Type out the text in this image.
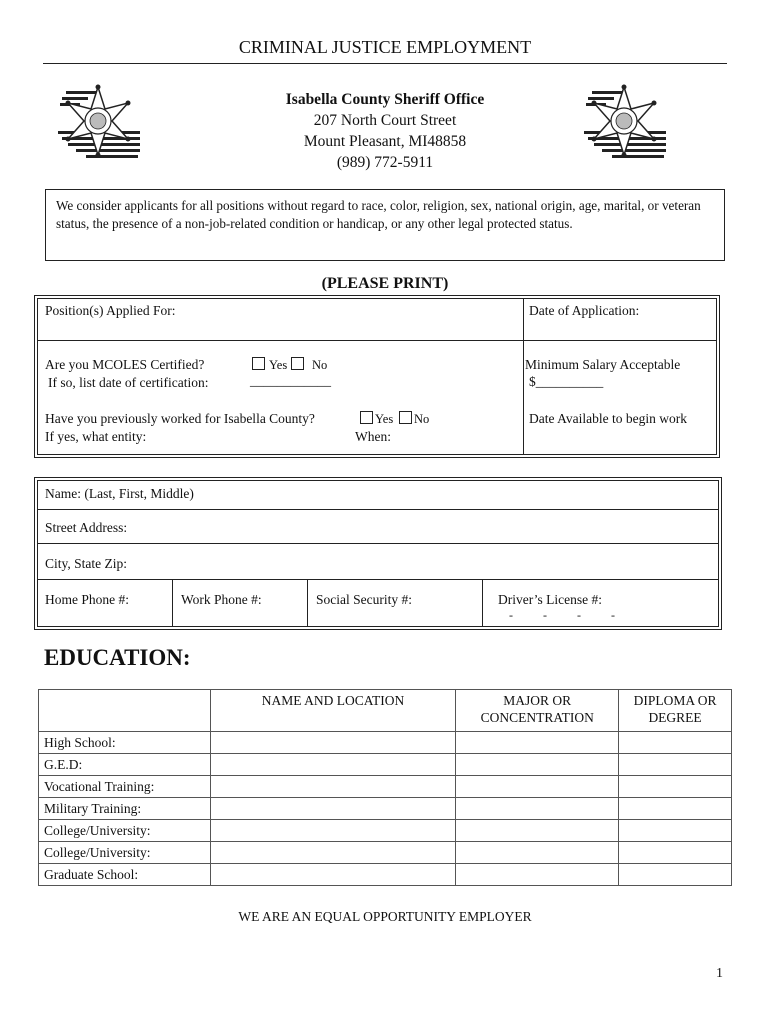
CRIMINAL JUSTICE EMPLOYMENT
Isabella County Sheriff Office
207 North Court Street
Mount Pleasant, MI48858
(989) 772-5911
We consider applicants for all positions without regard to race, color, religion, sex, national origin, age, marital, or veteran status, the presence of a non-job-related condition or handicap, or any other legal protected status.
(PLEASE PRINT)
Position(s) Applied For:	Date of Application:
Are you MCOLES Certified?	Yes No
If so, list date of certification:	____________
Minimum Salary Acceptable
$__________
Have you previously worked for Isabella County?	Yes No
If yes, what entity:	When:
Date Available to begin work
Name: (Last, First, Middle)
Street Address:
City, State Zip:
Home Phone #:	Work Phone #:	Social Security #:	Driver’s License #:
-          -          -          -
EDUCATION:
	NAME AND LOCATION	MAJOR OR CONCENTRATION	DIPLOMA OR DEGREE
High School:			
G.E.D:			
Vocational Training:			
Military Training:			
College/University:			
College/University:			
Graduate School:			
WE ARE AN EQUAL OPPORTUNITY EMPLOYER
1
